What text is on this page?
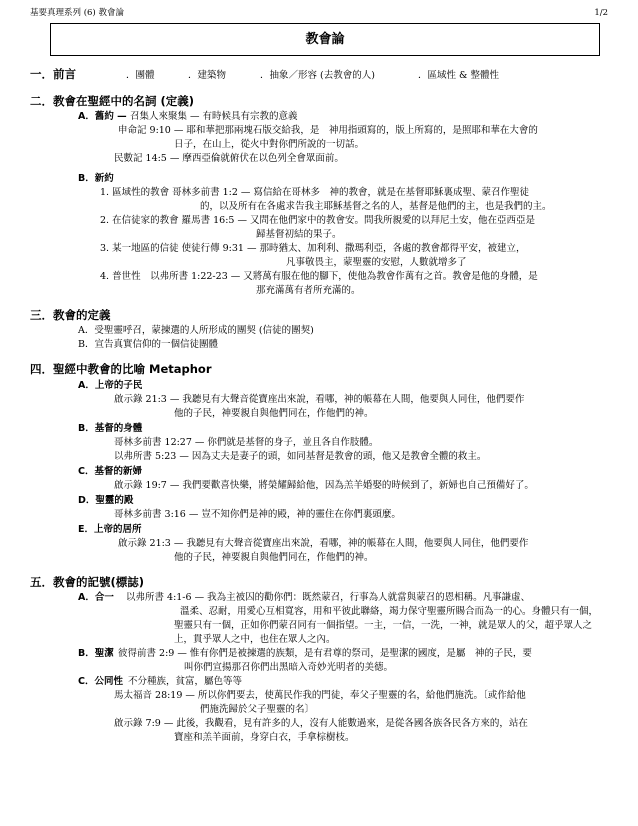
基要真理系列 (6) 教會論	1/2
教會論
一．前言	．團體	．建築物	．抽象／形容 (去教會的人)	．區域性 & 整體性
二．教會在聖經中的名詞 (定義)
A．舊約 — 召集人來聚集 — 有時候具有宗教的意義
申命記 9:10 — 耶和華把那兩塊石版交給我，是　神用指頭寫的，版上所寫的，是照耶和華在大會的
日子，在山上，從火中對你們所說的一切話。
民數記 14:5 — 摩西亞倫就俯伏在以色列全會眾面前。
B．新約
1. 區域性的教會 哥林多前書 1:2 — 寫信給在哥林多　神的教會，就是在基督耶穌裏成聖、蒙召作聖徒
的，以及所有在各處求告我主耶穌基督之名的人，基督是他們的主，也是我們的主。
2. 在信徒家的教會 羅馬書 16:5 — 又問在他們家中的教會安。問我所親愛的以拜尼土安，他在亞西亞是
歸基督初結的果子。
3. 某一地區的信徒 使徒行傳 9:31 — 那時猶太、加利利、撒瑪利亞，各處的教會都得平安，被建立，
凡事敬畏主，蒙聖靈的安慰，人數就增多了
4. 普世性　以弗所書 1:22-23 — 又將萬有服在他的腳下，使他為教會作萬有之首。教會是他的身體，是
那充滿萬有者所充滿的。
三．教會的定義
A．受聖靈呼召，蒙揀選的人所形成的團契 (信徒的團契)
B．宣告真實信仰的一個信徒團體
四．聖經中教會的比喻 Metaphor
A．上帝的子民
啟示錄 21:3 — 我聽見有大聲音從寶座出來說，看哪，神的帳幕在人間，他要與人同住，他們要作
他的子民，神要親自與他們同在，作他們的神。
B．基督的身體
哥林多前書 12:27 — 你們就是基督的身子，並且各自作肢體。
以弗所書 5:23 — 因為丈夫是妻子的頭，如同基督是教會的頭，他又是教會全體的救主。
C．基督的新婦
啟示錄 19:7 — 我們要歡喜快樂，將榮耀歸給他，因為羔羊婚娶的時候到了，新婦也自己預備好了。
D．聖靈的殿
哥林多前書 3:16 — 豈不知你們是神的殿，神的靈住在你們裏頭麼。
E．上帝的居所
啟示錄 21:3 — 我聽見有大聲音從寶座出來說，看哪，神的帳幕在人間，他要與人同住，他們要作
他的子民，神要親自與他們同在，作他們的神。
五．教會的記號(標誌)
A．合一 以弗所書 4:1-6 — 我為主被囚的勸你們：既然蒙召，行事為人就當與蒙召的恩相稱。凡事謙虛、
溫柔、忍耐，用愛心互相寬容，用和平彼此聯絡，竭力保守聖靈所賜合而為一的心。身體只有一個，
聖靈只有一個，正如你們蒙召同有一個指望。一主，一信，一洗，一神，就是眾人的父，超乎眾人之
上，貫乎眾人之中，也住在眾人之內。
B．聖潔 彼得前書 2:9 — 惟有你們是被揀選的族類，是有君尊的祭司，是聖潔的國度，是屬　神的子民，要
叫你們宣揚那召你們出黑暗入奇妙光明者的美德。
C．公同性 不分種族，貧富，屬色等等
馬太福音 28:19 — 所以你們要去，使萬民作我的門徒，奉父子聖靈的名，給他們施洗。〔或作給他
們施洗歸於父子聖靈的名〕
啟示錄 7:9 — 此後，我觀看，見有許多的人，沒有人能數過來，是從各國各族各民各方來的，站在
寶座和羔羊面前，身穿白衣，手拿棕樹枝。
